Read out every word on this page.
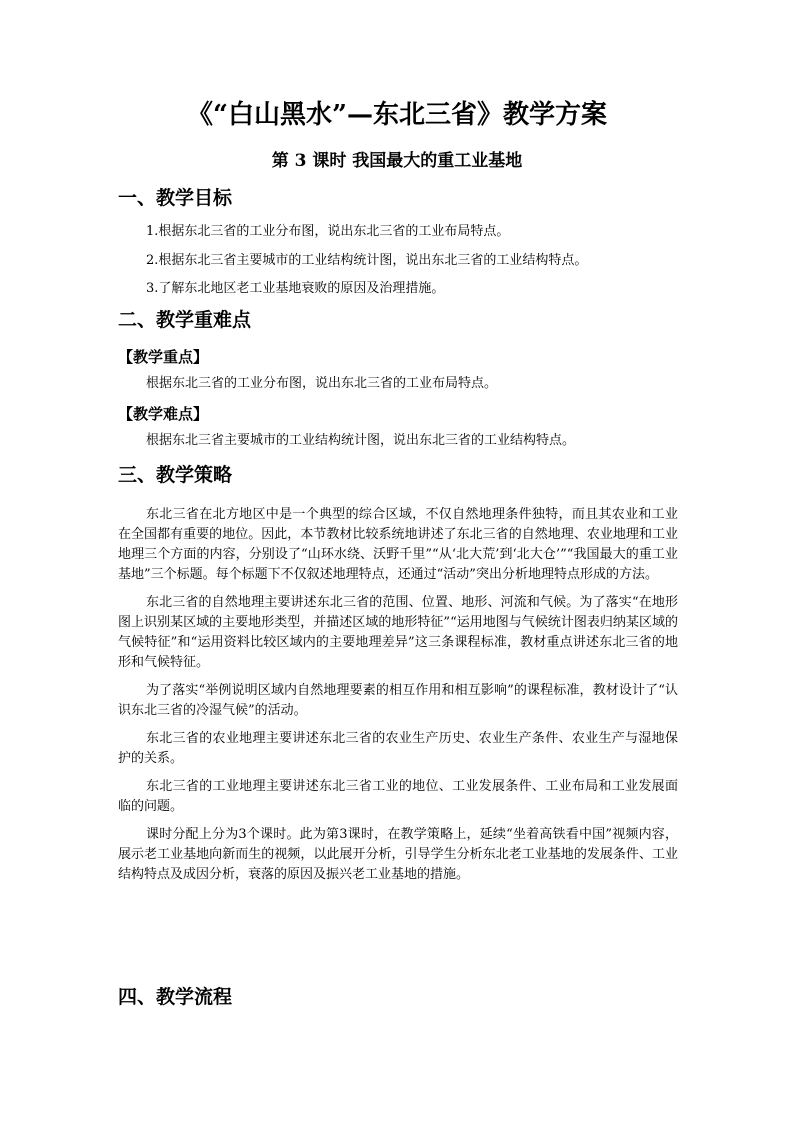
《“白山黑水”—东北三省》教学方案
第 3 课时 我国最大的重工业基地
一、教学目标
1.根据东北三省的工业分布图，说出东北三省的工业布局特点。
2.根据东北三省主要城市的工业结构统计图，说出东北三省的工业结构特点。
3.了解东北地区老工业基地衰败的原因及治理措施。
二、教学重难点
【教学重点】
根据东北三省的工业分布图，说出东北三省的工业布局特点。
【教学难点】
根据东北三省主要城市的工业结构统计图，说出东北三省的工业结构特点。
三、教学策略
东北三省在北方地区中是一个典型的综合区域，不仅自然地理条件独特，而且其农业和工业在全国都有重要的地位。因此，本节教材比较系统地讲述了东北三省的自然地理、农业地理和工业地理三个方面的内容，分别设了“山环水绕、沃野千里”“从‘北大荒’到‘北大仓’”“我国最大的重工业基地”三个标题。每个标题下不仅叙述地理特点，还通过“活动”突出分析地理特点形成的方法。
东北三省的自然地理主要讲述东北三省的范围、位置、地形、河流和气候。为了落实“在地形图上识别某区域的主要地形类型，并描述区域的地形特征”“运用地图与气候统计图表归纳某区域的气候特征”和“运用资料比较区域内的主要地理差异”这三条课程标准，教材重点讲述东北三省的地形和气候特征。
为了落实“举例说明区域内自然地理要素的相互作用和相互影响”的课程标准，教材设计了“认识东北三省的冷湿气候”的活动。
东北三省的农业地理主要讲述东北三省的农业生产历史、农业生产条件、农业生产与湿地保护的关系。
东北三省的工业地理主要讲述东北三省工业的地位、工业发展条件、工业布局和工业发展面临的问题。
课时分配上分为3个课时。此为第3课时，在教学策略上，延续“坐着高铁看中国”视频内容，展示老工业基地向新而生的视频，以此展开分析，引导学生分析东北老工业基地的发展条件、工业结构特点及成因分析，衰落的原因及振兴老工业基地的措施。
四、教学流程
